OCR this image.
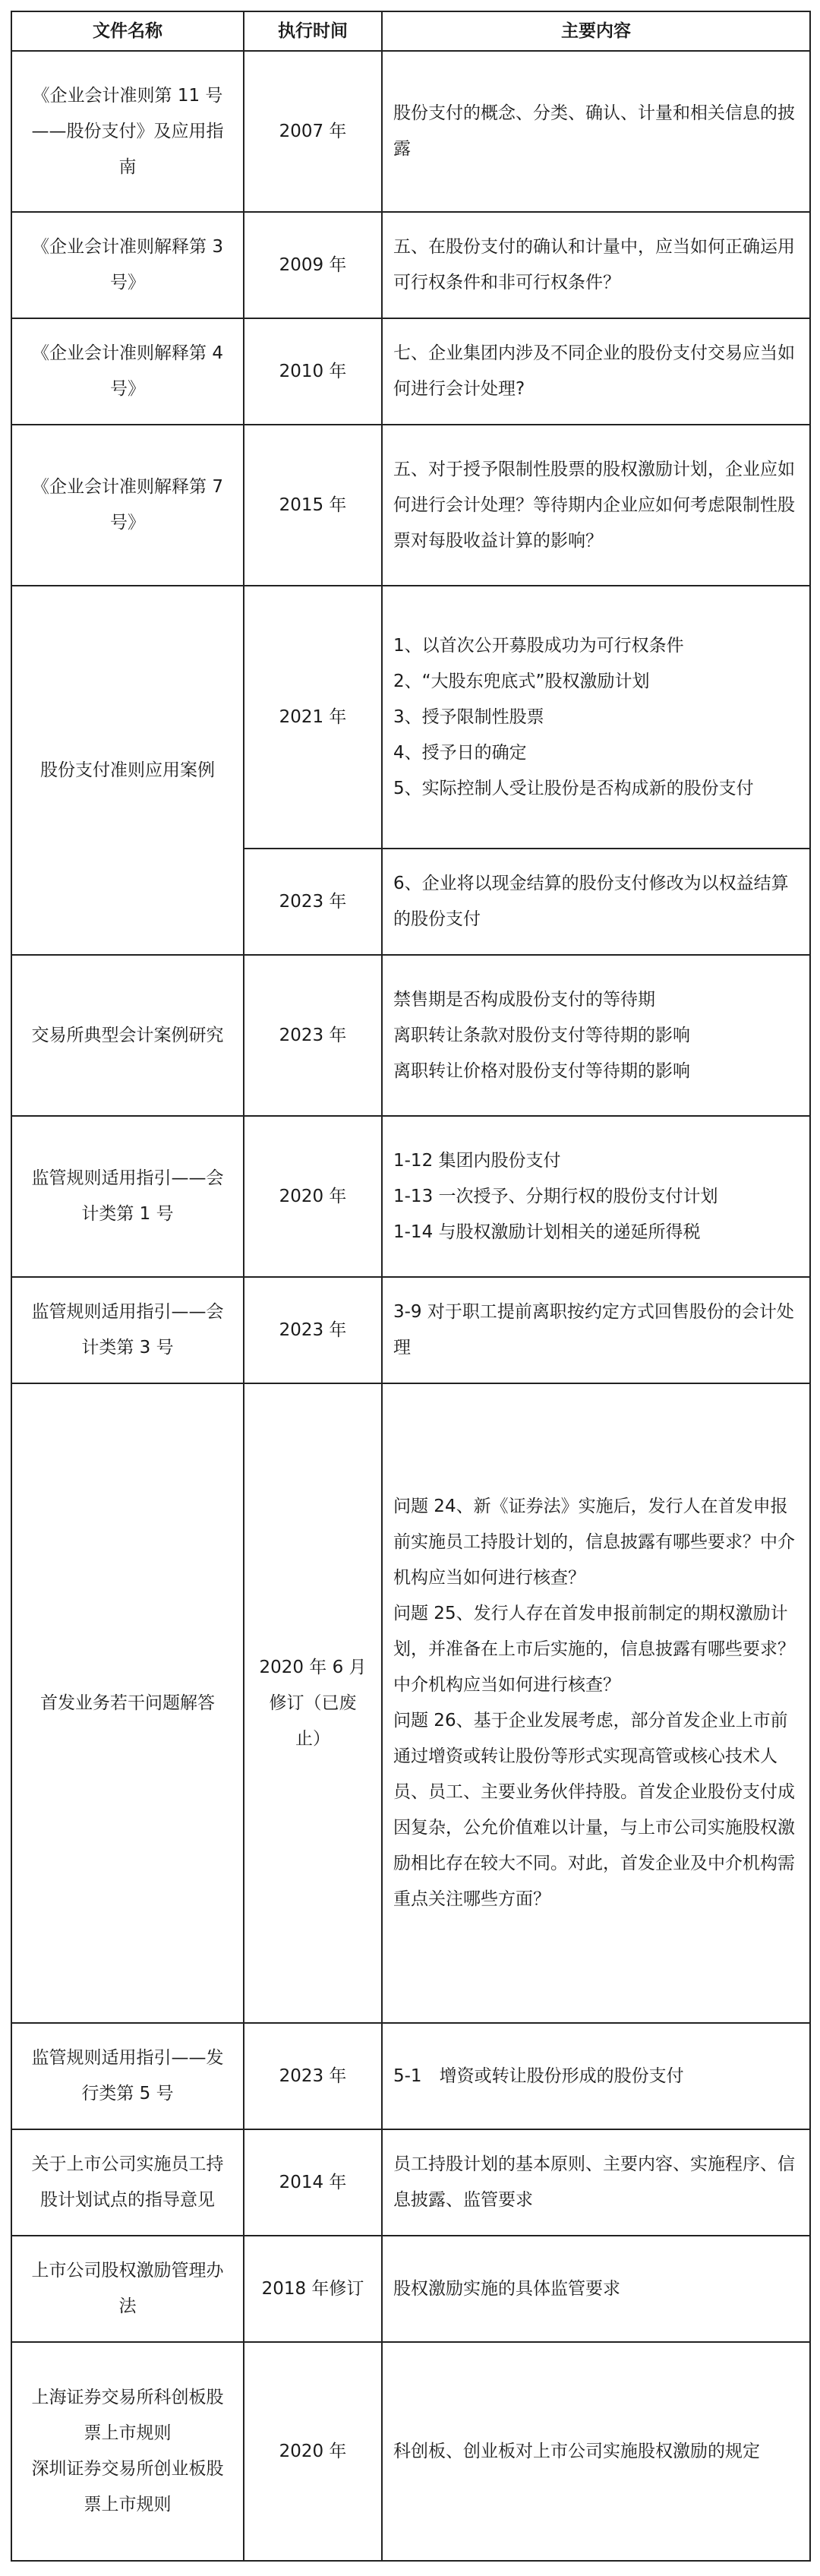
文件名称	执行时间	主要内容
《企业会计准则第 11 号——股份支付》及应用指南	2007 年	股份支付的概念、分类、确认、计量和相关信息的披露

《企业会计准则解释第 3 号》	2009 年	五、在股份支付的确认和计量中，应当如何正确运用可行权条件和非可行权条件？

《企业会计准则解释第 4 号》	2010 年	七、企业集团内涉及不同企业的股份支付交易应当如何进行会计处理?

《企业会计准则解释第 7 号》	2015 年	五、对于授予限制性股票的股权激励计划，企业应如何进行会计处理？等待期内企业应如何考虑限制性股票对每股收益计算的影响？

股份支付准则应用案例	2021 年	1、以首次公开募股成功为可行权条件
2、“大股东兜底式”股权激励计划
3、授予限制性股票
4、授予日的确定
5、实际控制人受让股份是否构成新的股份支付

	2023 年	6、企业将以现金结算的股份支付修改为以权益结算的股份支付

交易所典型会计案例研究	2023 年	禁售期是否构成股份支付的等待期
离职转让条款对股份支付等待期的影响
离职转让价格对股份支付等待期的影响

监管规则适用指引——会计类第 1 号	2020 年	1-12 集团内股份支付
1-13 一次授予、分期行权的股份支付计划
1-14 与股权激励计划相关的递延所得税

监管规则适用指引——会计类第 3 号	2023 年	3-9 对于职工提前离职按约定方式回售股份的会计处理

首发业务若干问题解答	2020 年 6 月修订（已废止）	问题 24、新《证券法》实施后，发行人在首发申报前实施员工持股计划的，信息披露有哪些要求？中介机构应当如何进行核查？
问题 25、发行人存在首发申报前制定的期权激励计划，并准备在上市后实施的，信息披露有哪些要求？中介机构应当如何进行核查？
问题 26、基于企业发展考虑，部分首发企业上市前通过增资或转让股份等形式实现高管或核心技术人员、员工、主要业务伙伴持股。首发企业股份支付成因复杂，公允价值难以计量，与上市公司实施股权激励相比存在较大不同。对此，首发企业及中介机构需重点关注哪些方面？

监管规则适用指引——发行类第 5 号	2023 年	5-1　增资或转让股份形成的股份支付

关于上市公司实施员工持股计划试点的指导意见	2014 年	员工持股计划的基本原则、主要内容、实施程序、信息披露、监管要求

上市公司股权激励管理办法	2018 年修订	股权激励实施的具体监管要求

上海证券交易所科创板股票上市规则
深圳证券交易所创业板股票上市规则	2020 年	科创板、创业板对上市公司实施股权激励的规定
